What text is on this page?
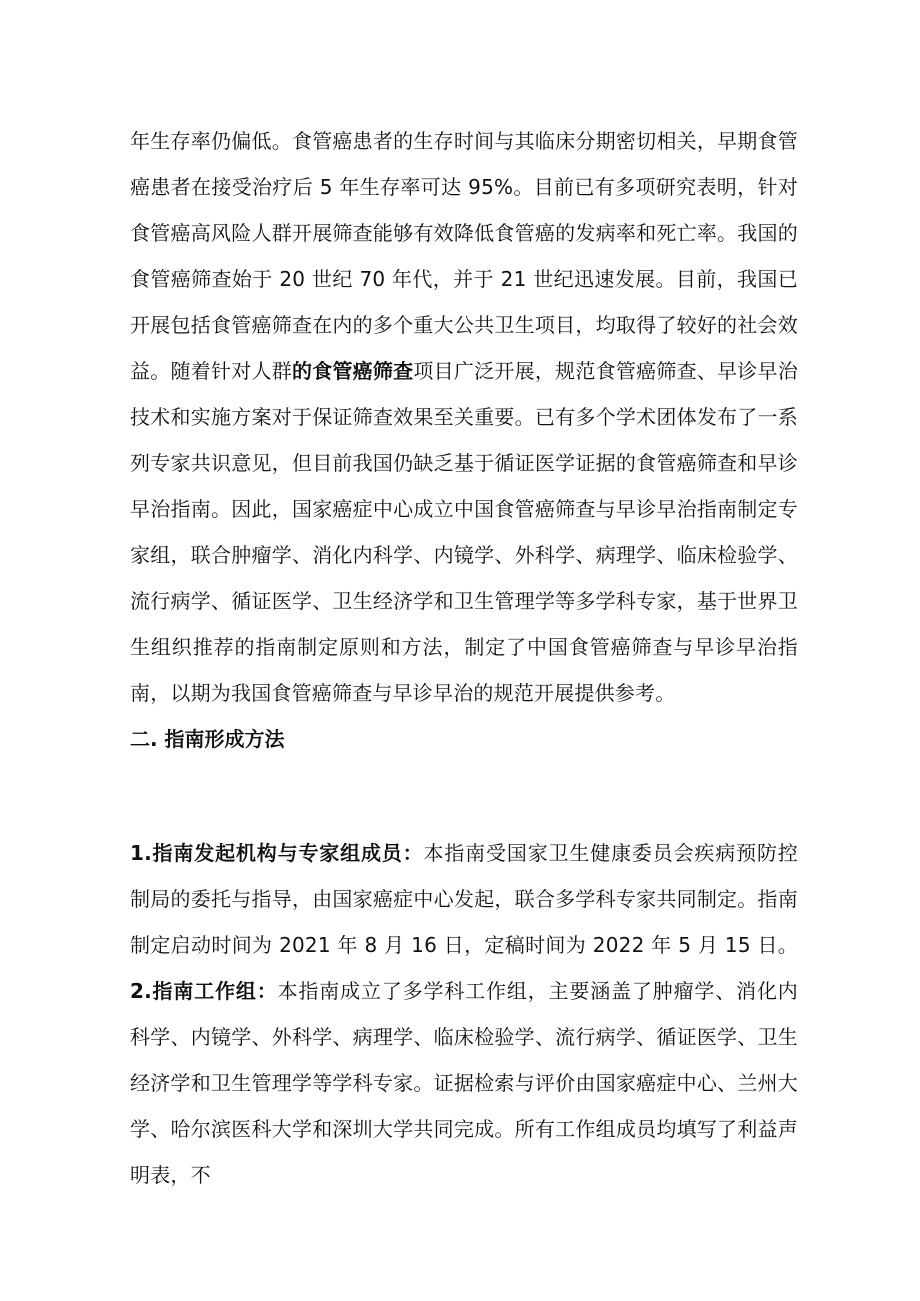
年生存率仍偏低。食管癌患者的生存时间与其临床分期密切相关，早期食管癌患者在接受治疗后 5 年生存率可达 95%。目前已有多项研究表明，针对食管癌高风险人群开展筛查能够有效降低食管癌的发病率和死亡率。我国的食管癌筛查始于 20 世纪 70 年代，并于 21 世纪迅速发展。目前，我国已开展包括食管癌筛查在内的多个重大公共卫生项目，均取得了较好的社会效益。随着针对人群的食管癌筛查项目广泛开展，规范食管癌筛查、早诊早治技术和实施方案对于保证筛查效果至关重要。已有多个学术团体发布了一系列专家共识意见，但目前我国仍缺乏基于循证医学证据的食管癌筛查和早诊早治指南。因此，国家癌症中心成立中国食管癌筛查与早诊早治指南制定专家组，联合肿瘤学、消化内科学、内镜学、外科学、病理学、临床检验学、流行病学、循证医学、卫生经济学和卫生管理学等多学科专家，基于世界卫生组织推荐的指南制定原则和方法，制定了中国食管癌筛查与早诊早治指南，以期为我国食管癌筛查与早诊早治的规范开展提供参考。

二. 指南形成方法

1.指南发起机构与专家组成员：本指南受国家卫生健康委员会疾病预防控制局的委托与指导，由国家癌症中心发起，联合多学科专家共同制定。指南制定启动时间为 2021 年 8 月 16 日，定稿时间为 2022 年 5 月 15 日。2.指南工作组：本指南成立了多学科工作组，主要涵盖了肿瘤学、消化内科学、内镜学、外科学、病理学、临床检验学、流行病学、循证医学、卫生经济学和卫生管理学等学科专家。证据检索与评价由国家癌症中心、兰州大学、哈尔滨医科大学和深圳大学共同完成。所有工作组成员均填写了利益声明表，不
